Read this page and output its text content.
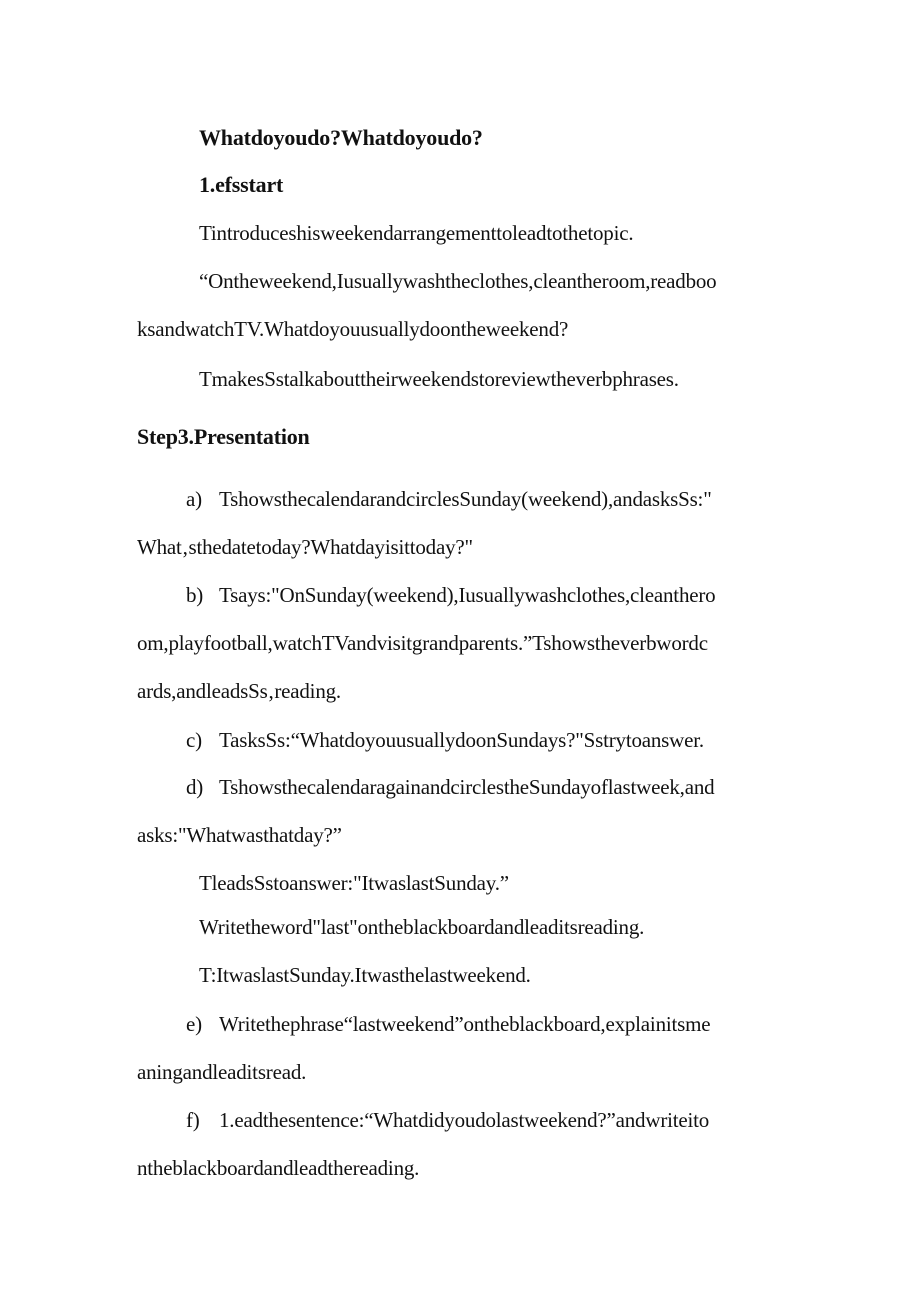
Whatdoyoudo?Whatdoyoudo?
1.efsstart
Tintroduceshisweekendarrangementtoleadtothetopic.
“Ontheweekend,Iusuallywashtheclothes,cleantheroom,readboo
ksandwatchTV.Whatdoyouusuallydoontheweekend?
TmakesSstalkabouttheirweekendstoreviewtheverbphrases.
Step3.Presentation
a) TshowsthecalendarandcirclesSunday(weekend),andasksSs:"
What‚sthedatetoday?Whatdayisittoday?"
b) Tsays:"OnSunday(weekend),Iusuallywashclothes,cleanthero
om,playfootball,watchTVandvisitgrandparents.”Tshowstheverbwordc
ards,andleadsSs‚reading.
c) TasksSs:“WhatdoyouusuallydoonSundays?"Sstrytoanswer.
d) TshowsthecalendaragainandcirclestheSundayoflastweek,and
asks:"Whatwasthatday?”
TleadsSstoanswer:"ItwaslastSunday.”
Writetheword"last"ontheblackboardandleaditsreading.
T:ItwaslastSunday.Itwasthelastweekend.
e) Writethephrase“lastweekend”ontheblackboard,explainitsme
aningandleaditsread.
f) 1.eadthesentence:“Whatdidyoudolastweekend?”andwriteito
ntheblackboardandleadthereading.
